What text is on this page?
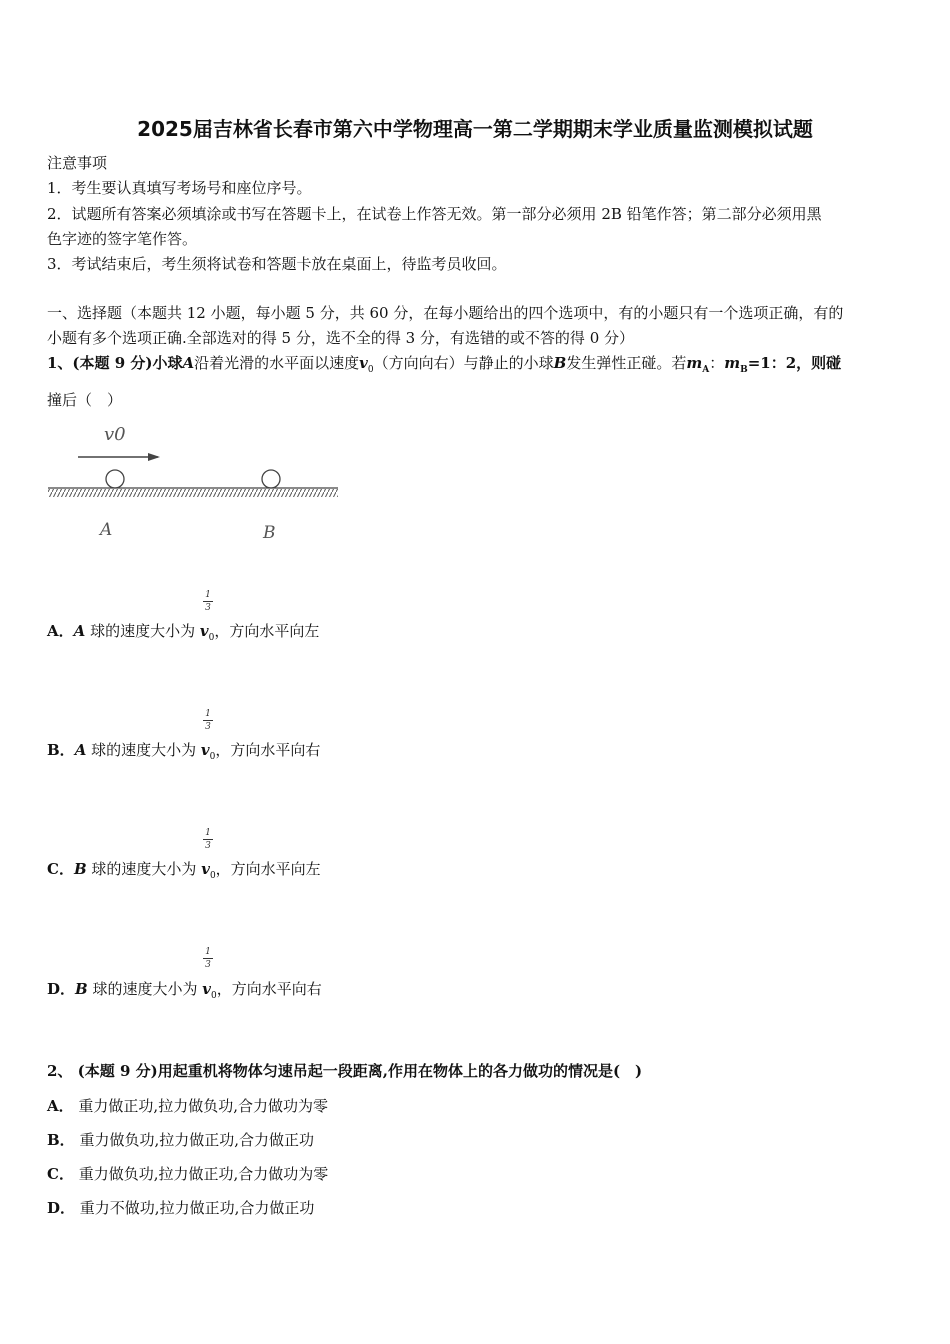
2025届吉林省长春市第六中学物理高一第二学期期末学业质量监测模拟试题
注意事项
1．考生要认真填写考场号和座位序号。
2．试题所有答案必须填涂或书写在答题卡上，在试卷上作答无效。第一部分必须用 2B 铅笔作答；第二部分必须用黑
色字迹的签字笔作答。
3．考试结束后，考生须将试卷和答题卡放在桌面上，待监考员收回。
一、选择题（本题共 12 小题，每小题 5 分，共 60 分，在每小题给出的四个选项中，有的小题只有一个选项正确，有的
小题有多个选项正确.全部选对的得 5 分，选不全的得 3 分，有选错的或不答的得 0 分）
1、(本题 9 分)小球A沿着光滑的水平面以速度$v_0$（方向向右）与静止的小球B发生弹性正碰。若$m_A$：$m_B=1$：2，则碰
撞后（　）
v0
A	B
1
3
A．A 球的速度大小为 $v_0$，方向水平向左
1
3
B．A 球的速度大小为 $v_0$，方向水平向右
1
3
C．B 球的速度大小为 $v_0$，方向水平向左
1
3
D．B 球的速度大小为 $v_0$，方向水平向右
2、 (本题 9 分)用起重机将物体匀速吊起一段距离,作用在物体上的各力做功的情况是(　)
A． 重力做正功,拉力做负功,合力做功为零
B． 重力做负功,拉力做正功,合力做正功
C． 重力做负功,拉力做正功,合力做功为零
D． 重力不做功,拉力做正功,合力做正功
